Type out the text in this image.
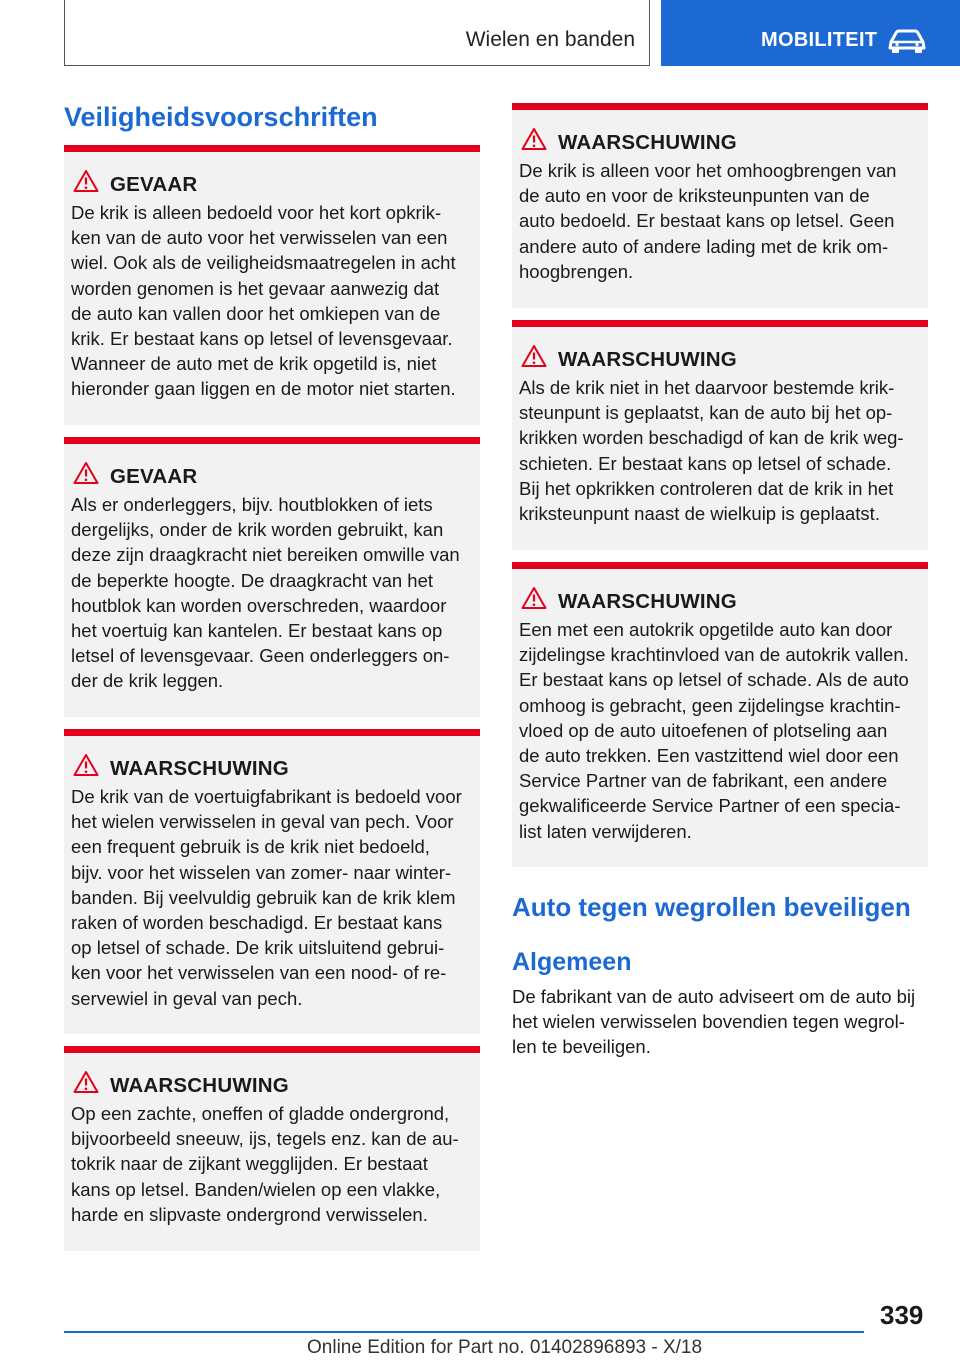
Wielen en banden	MOBILITEIT
Veiligheidsvoorschriften
GEVAAR
De krik is alleen bedoeld voor het kort opkrik-
ken van de auto voor het verwisselen van een
wiel. Ook als de veiligheidsmaatregelen in acht
worden genomen is het gevaar aanwezig dat
de auto kan vallen door het omkiepen van de
krik. Er bestaat kans op letsel of levensgevaar.
Wanneer de auto met de krik opgetild is, niet
hieronder gaan liggen en de motor niet starten.
GEVAAR
Als er onderleggers, bijv. houtblokken of iets
dergelijks, onder de krik worden gebruikt, kan
deze zijn draagkracht niet bereiken omwille van
de beperkte hoogte. De draagkracht van het
houtblok kan worden overschreden, waardoor
het voertuig kan kantelen. Er bestaat kans op
letsel of levensgevaar. Geen onderleggers on-
der de krik leggen.
WAARSCHUWING
De krik van de voertuigfabrikant is bedoeld voor
het wielen verwisselen in geval van pech. Voor
een frequent gebruik is de krik niet bedoeld,
bijv. voor het wisselen van zomer- naar winter-
banden. Bij veelvuldig gebruik kan de krik klem
raken of worden beschadigd. Er bestaat kans
op letsel of schade. De krik uitsluitend gebrui-
ken voor het verwisselen van een nood- of re-
servewiel in geval van pech.
WAARSCHUWING
Op een zachte, oneffen of gladde ondergrond,
bijvoorbeeld sneeuw, ijs, tegels enz. kan de au-
tokrik naar de zijkant wegglijden. Er bestaat
kans op letsel. Banden/wielen op een vlakke,
harde en slipvaste ondergrond verwisselen.
WAARSCHUWING
De krik is alleen voor het omhoogbrengen van
de auto en voor de kriksteunpunten van de
auto bedoeld. Er bestaat kans op letsel. Geen
andere auto of andere lading met de krik om-
hoogbrengen.
WAARSCHUWING
Als de krik niet in het daarvoor bestemde krik-
steunpunt is geplaatst, kan de auto bij het op-
krikken worden beschadigd of kan de krik weg-
schieten. Er bestaat kans op letsel of schade.
Bij het opkrikken controleren dat de krik in het
kriksteunpunt naast de wielkuip is geplaatst.
WAARSCHUWING
Een met een autokrik opgetilde auto kan door
zijdelingse krachtinvloed van de autokrik vallen.
Er bestaat kans op letsel of schade. Als de auto
omhoog is gebracht, geen zijdelingse krachtin-
vloed op de auto uitoefenen of plotseling aan
de auto trekken. Een vastzittend wiel door een
Service Partner van de fabrikant, een andere
gekwalificeerde Service Partner of een specia-
list laten verwijderen.
Auto tegen wegrollen beveiligen
Algemeen
De fabrikant van de auto adviseert om de auto bij
het wielen verwisselen bovendien tegen wegrol-
len te beveiligen.
339
Online Edition for Part no. 01402896893 - X/18
